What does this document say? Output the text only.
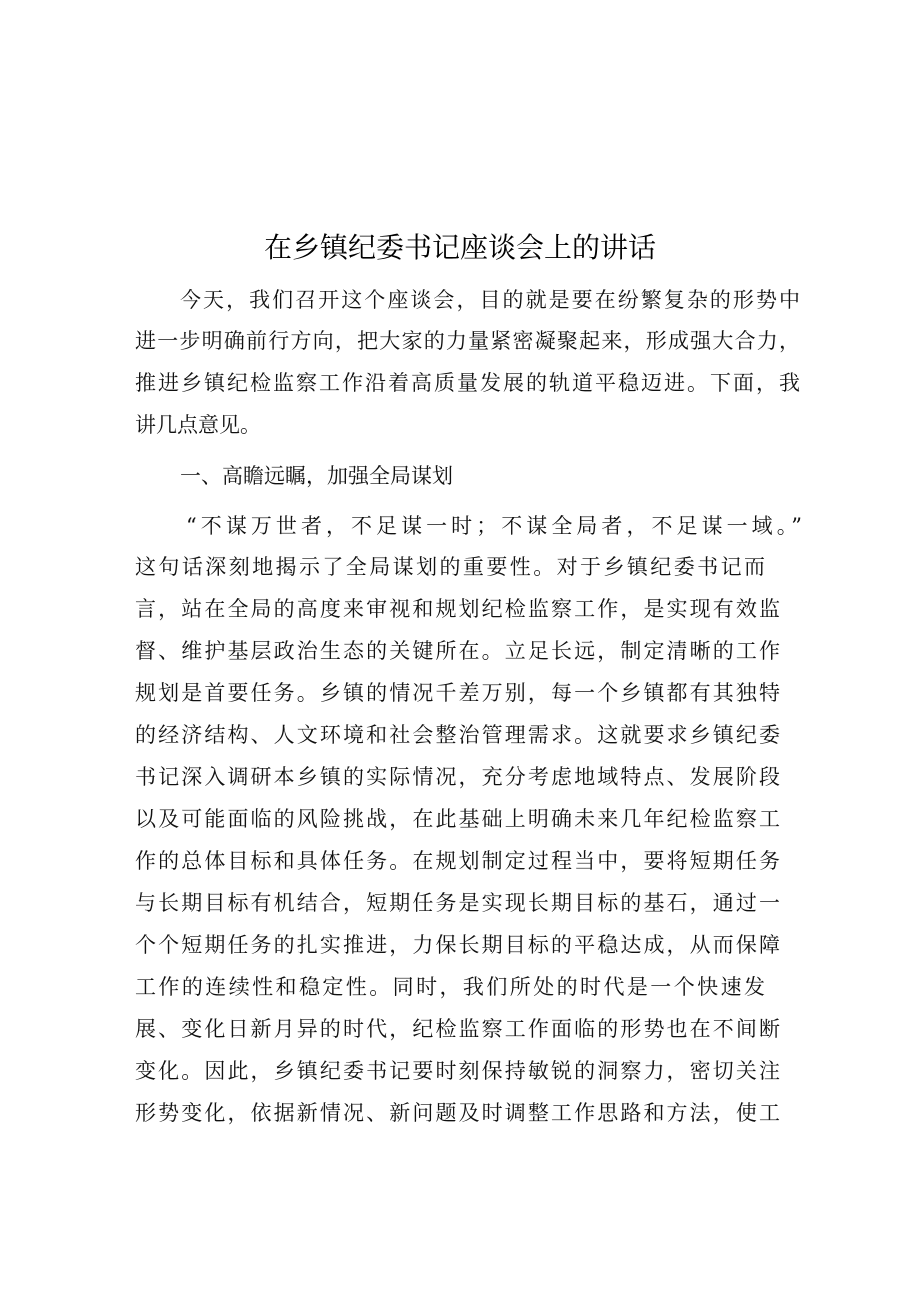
在乡镇纪委书记座谈会上的讲话
今天，我们召开这个座谈会，目的就是要在纷繁复杂的形势中
进一步明确前行方向，把大家的力量紧密凝聚起来，形成强大合力，
推进乡镇纪检监察工作沿着高质量发展的轨道平稳迈进。下面，我
讲几点意见。
一、高瞻远瞩，加强全局谋划
“不谋万世者，不足谋一时；不谋全局者，不足谋一域。”
这句话深刻地揭示了全局谋划的重要性。对于乡镇纪委书记而
言，站在全局的高度来审视和规划纪检监察工作，是实现有效监
督、维护基层政治生态的关键所在。立足长远，制定清晰的工作
规划是首要任务。乡镇的情况千差万别，每一个乡镇都有其独特
的经济结构、人文环境和社会整治管理需求。这就要求乡镇纪委
书记深入调研本乡镇的实际情况，充分考虑地域特点、发展阶段
以及可能面临的风险挑战，在此基础上明确未来几年纪检监察工
作的总体目标和具体任务。在规划制定过程当中，要将短期任务
与长期目标有机结合，短期任务是实现长期目标的基石，通过一
个个短期任务的扎实推进，力保长期目标的平稳达成，从而保障
工作的连续性和稳定性。同时，我们所处的时代是一个快速发
展、变化日新月异的时代，纪检监察工作面临的形势也在不间断
变化。因此，乡镇纪委书记要时刻保持敏锐的洞察力，密切关注
形势变化，依据新情况、新问题及时调整工作思路和方法，使工
